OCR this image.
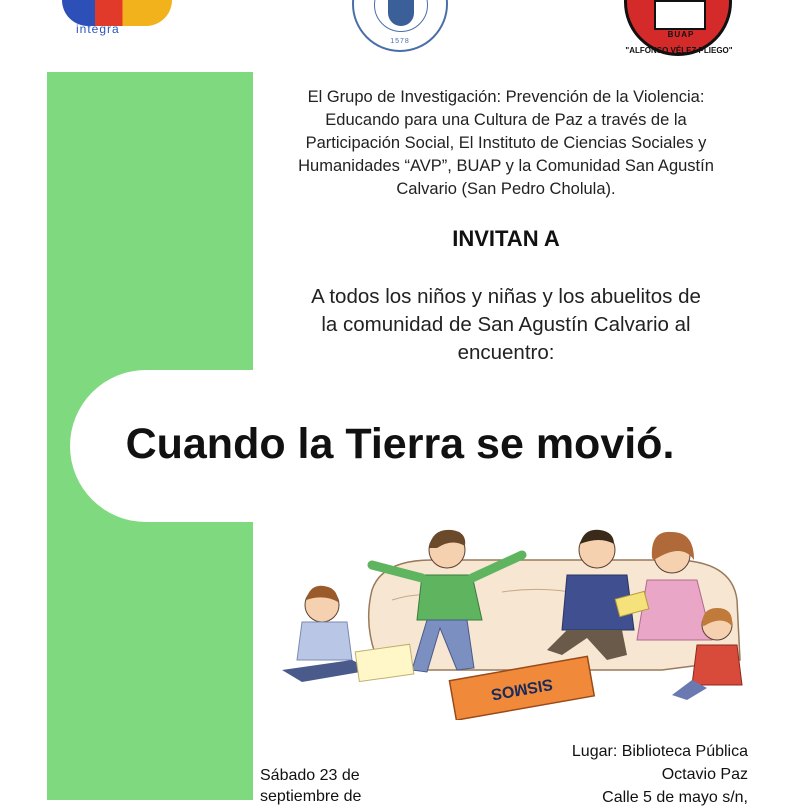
integra
1578
BUAP
"ALFONSO VÉLEZ PLIEGO"

El Grupo de Investigación: Prevención de la Violencia:
Educando para una Cultura de Paz a través de la
Participación Social, El Instituto de Ciencias Sociales y
Humanidades “AVP”, BUAP y la Comunidad San Agustín
Calvario (San Pedro Cholula).

INVITAN A

A todos los niños y niñas y los abuelitos de
la comunidad de San Agustín Calvario al
encuentro:

Cuando la Tierra se movió.
SISMOS

Sábado 23 de
septiembre de

Lugar: Biblioteca Pública
Octavio Paz
Calle 5 de mayo s/n,
